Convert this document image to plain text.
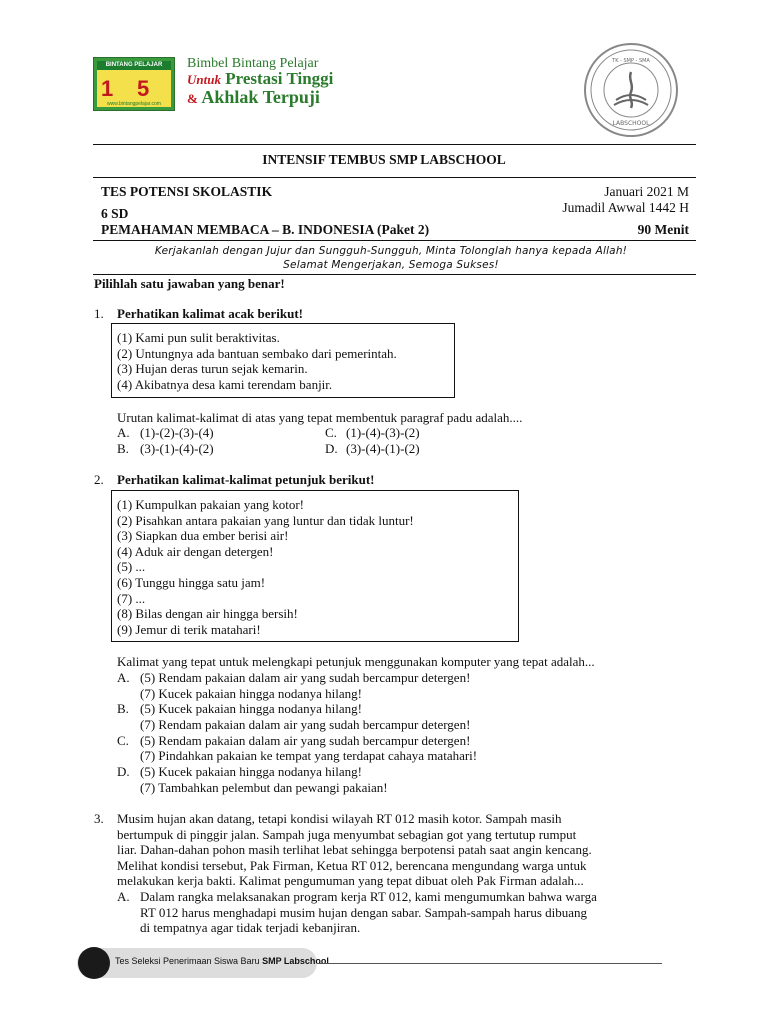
BINTANG PELAJAR
1 5
www.bintangpelajar.com
Bimbel Bintang Pelajar
Untuk Prestasi Tinggi
& Akhlak Terpuji
TK - SMP - SMA
LABSCHOOL
INTENSIF TEMBUS SMP LABSCHOOL
TES POTENSI SKOLASTIK
6 SD
PEMAHAMAN MEMBACA – B. INDONESIA (Paket 2)
Januari 2021 M
Jumadil Awwal 1442 H
90 Menit
Kerjakanlah dengan Jujur dan Sungguh-Sungguh, Minta Tolonglah hanya kepada Allah!
Selamat Mengerjakan, Semoga Sukses!
Pilihlah satu jawaban yang benar!
1. Perhatikan kalimat acak berikut!
(1) Kami pun sulit beraktivitas.
(2) Untungnya ada bantuan sembako dari pemerintah.
(3) Hujan deras turun sejak kemarin.
(4) Akibatnya desa kami terendam banjir.
Urutan kalimat-kalimat di atas yang tepat membentuk paragraf padu adalah....
A. (1)-(2)-(3)-(4)
B. (3)-(1)-(4)-(2)
C. (1)-(4)-(3)-(2)
D. (3)-(4)-(1)-(2)
2. Perhatikan kalimat-kalimat petunjuk berikut!
(1) Kumpulkan pakaian yang kotor!
(2) Pisahkan antara pakaian yang luntur dan tidak luntur!
(3) Siapkan dua ember berisi air!
(4) Aduk air dengan detergen!
(5) ...
(6) Tunggu hingga satu jam!
(7) ...
(8) Bilas dengan air hingga bersih!
(9) Jemur di terik matahari!
Kalimat yang tepat untuk melengkapi petunjuk menggunakan komputer yang tepat adalah...
A. (5) Rendam pakaian dalam air yang sudah bercampur detergen!
(7) Kucek pakaian hingga nodanya hilang!
B. (5) Kucek pakaian hingga nodanya hilang!
(7) Rendam pakaian dalam air yang sudah bercampur detergen!
C. (5) Rendam pakaian dalam air yang sudah bercampur detergen!
(7) Pindahkan pakaian ke tempat yang terdapat cahaya matahari!
D. (5) Kucek pakaian hingga nodanya hilang!
(7) Tambahkan pelembut dan pewangi pakaian!
3. Musim hujan akan datang, tetapi kondisi wilayah RT 012 masih kotor. Sampah masih
bertumpuk di pinggir jalan. Sampah juga menyumbat sebagian got yang tertutup rumput
liar. Dahan-dahan pohon masih terlihat lebat sehingga berpotensi patah saat angin kencang.
Melihat kondisi tersebut, Pak Firman, Ketua RT 012, berencana mengundang warga untuk
melakukan kerja bakti. Kalimat pengumuman yang tepat dibuat oleh Pak Firman adalah...
A. Dalam rangka melaksanakan program kerja RT 012, kami mengumumkan bahwa warga
RT 012 harus menghadapi musim hujan dengan sabar. Sampah-sampah harus dibuang
di tempatnya agar tidak terjadi kebanjiran.
Tes Seleksi Penerimaan Siswa Baru SMP Labschool
